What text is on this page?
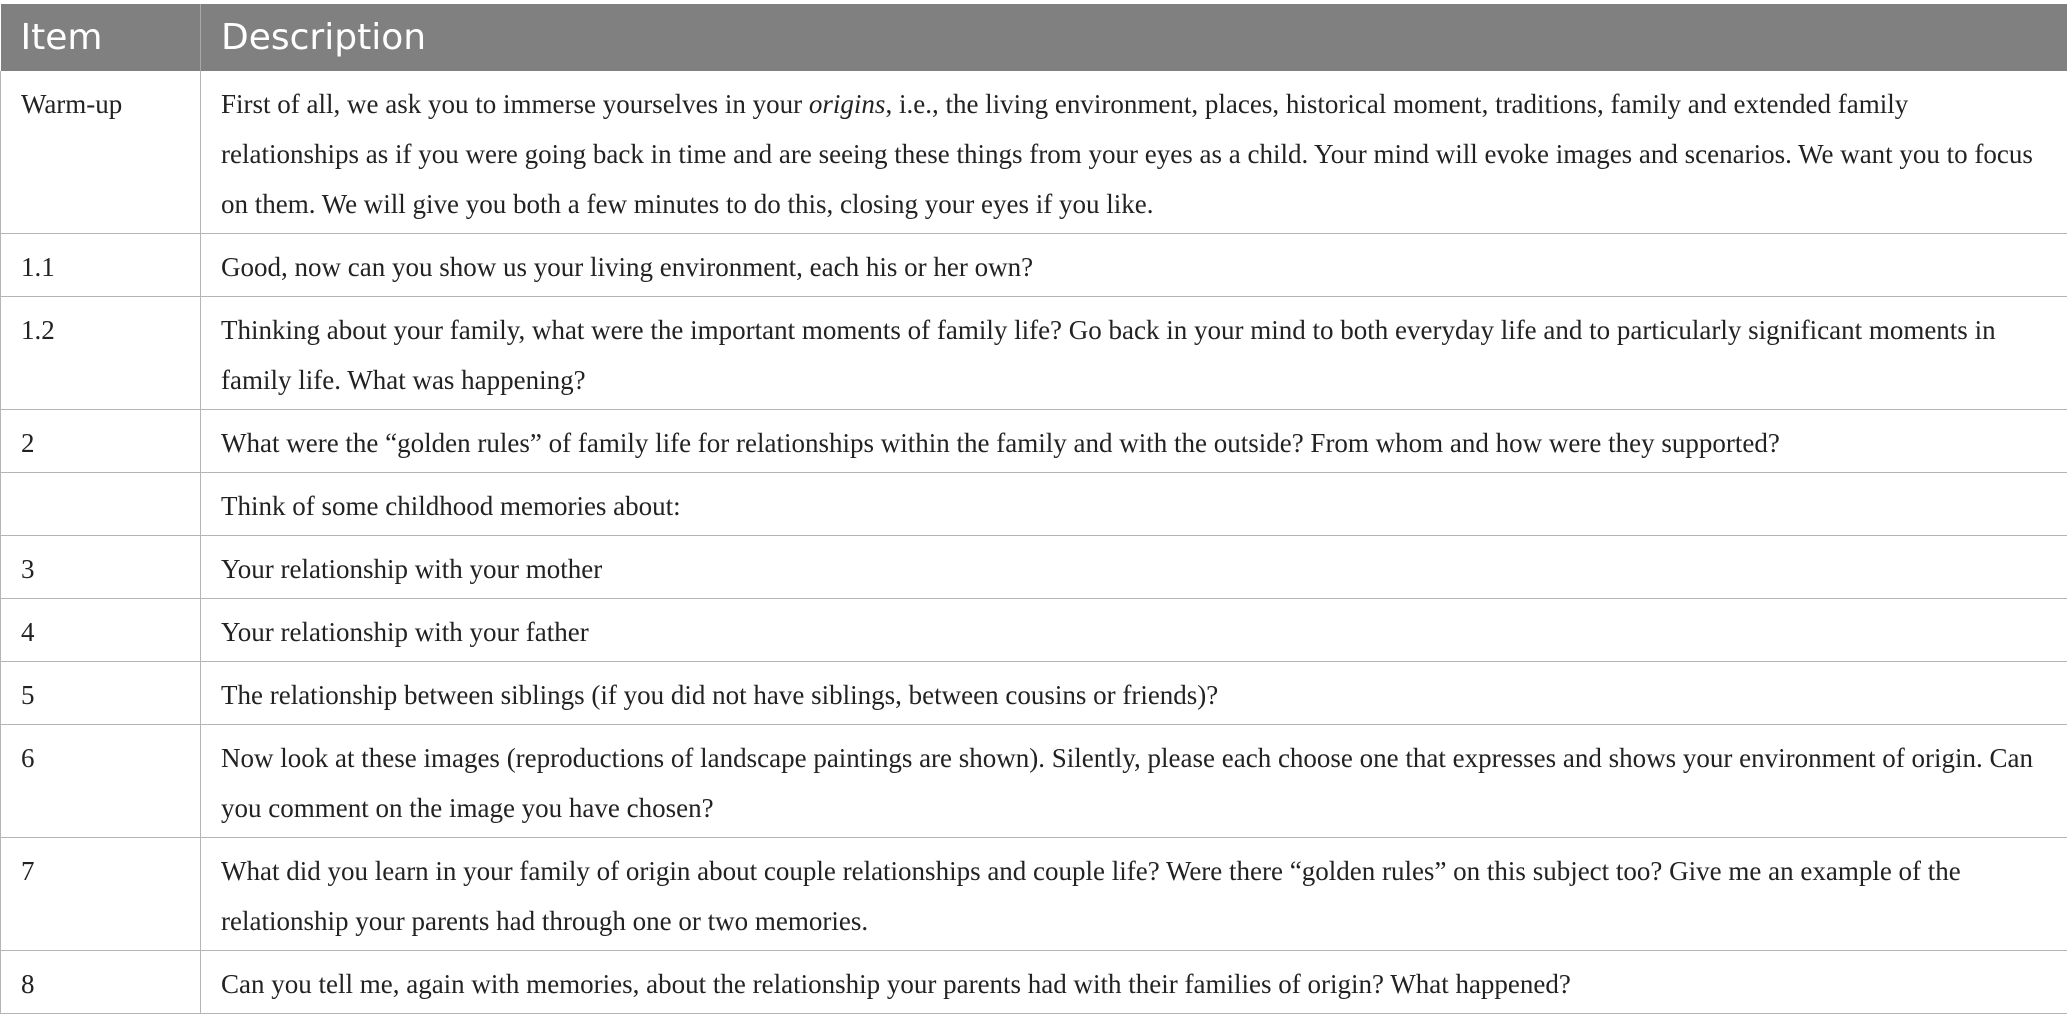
Item	Description
Warm-up	First of all, we ask you to immerse yourselves in your origins, i.e., the living environment, places, historical moment, traditions, family and extended family relationships as if you were going back in time and are seeing these things from your eyes as a child. Your mind will evoke images and scenarios. We want you to focus on them. We will give you both a few minutes to do this, closing your eyes if you like.
1.1	Good, now can you show us your living environment, each his or her own?
1.2	Thinking about your family, what were the important moments of family life? Go back in your mind to both everyday life and to particularly significant moments in family life. What was happening?
2	What were the “golden rules” of family life for relationships within the family and with the outside? From whom and how were they supported?
	Think of some childhood memories about:
3	Your relationship with your mother
4	Your relationship with your father
5	The relationship between siblings (if you did not have siblings, between cousins or friends)?
6	Now look at these images (reproductions of landscape paintings are shown). Silently, please each choose one that expresses and shows your environment of origin. Can you comment on the image you have chosen?
7	What did you learn in your family of origin about couple relationships and couple life? Were there “golden rules” on this subject too? Give me an example of the relationship your parents had through one or two memories.
8	Can you tell me, again with memories, about the relationship your parents had with their families of origin? What happened?
